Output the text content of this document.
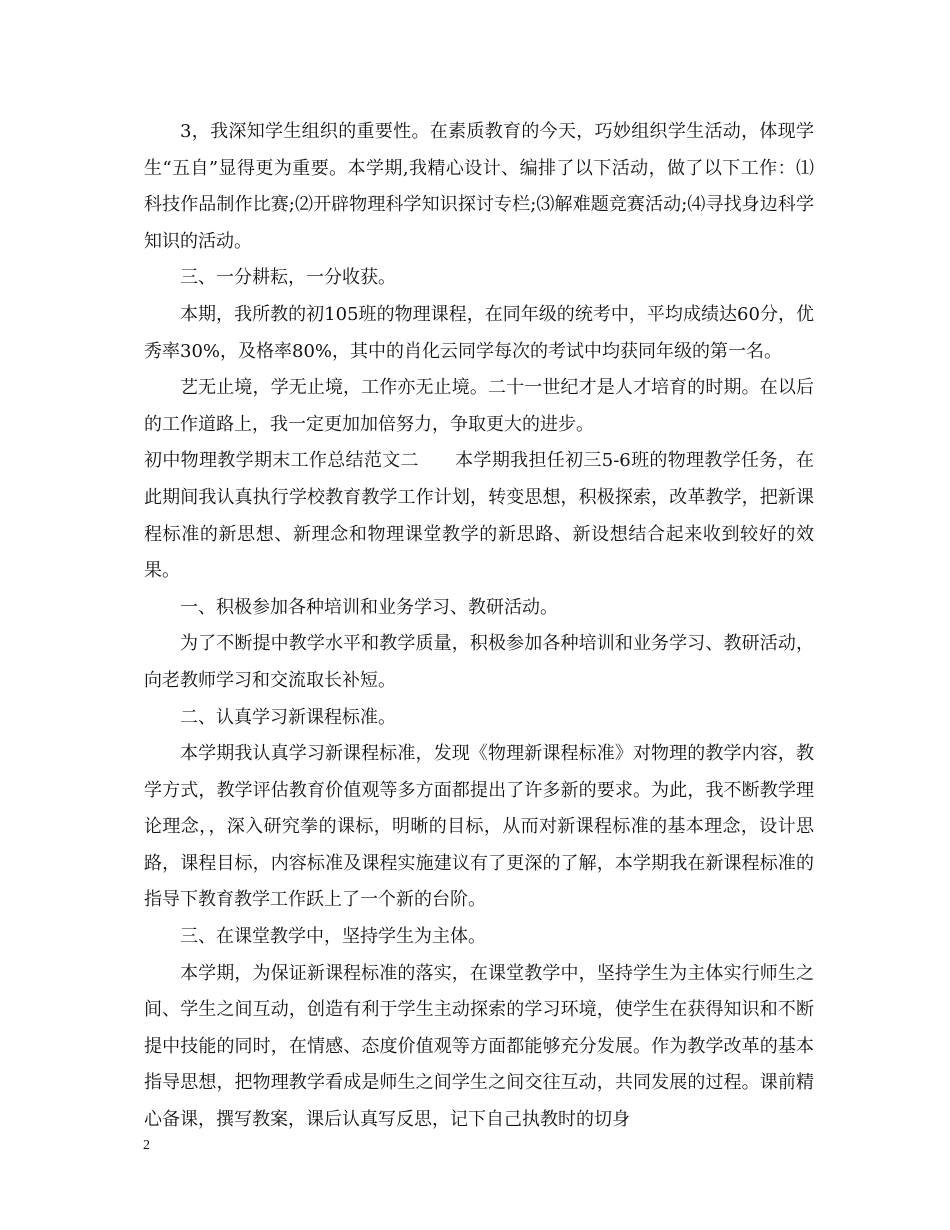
3，我深知学生组织的重要性。在素质教育的今天，巧妙组织学生活动，体现学生“五自”显得更为重要。本学期,我精心设计、编排了以下活动，做了以下工作：⑴科技作品制作比赛;⑵开辟物理科学知识探讨专栏;⑶解难题竞赛活动;⑷寻找身边科学知识的活动。

三、一分耕耘，一分收获。

本期，我所教的初105班的物理课程，在同年级的统考中，平均成绩达60分，优秀率30%，及格率80%，其中的肖化云同学每次的考试中均获同年级的第一名。

艺无止境，学无止境，工作亦无止境。二十一世纪才是人才培育的时期。在以后的工作道路上，我一定更加加倍努力，争取更大的进步。

初中物理教学期末工作总结范文二 本学期我担任初三5-6班的物理教学任务，在此期间我认真执行学校教育教学工作计划，转变思想，积极探索，改革教学，把新课程标准的新思想、新理念和物理课堂教学的新思路、新设想结合起来收到较好的效果。

一、积极参加各种培训和业务学习、教研活动。

为了不断提中教学水平和教学质量，积极参加各种培训和业务学习、教研活动，向老教师学习和交流取长补短。

二、认真学习新课程标准。

本学期我认真学习新课程标准，发现《物理新课程标准》对物理的教学内容，教学方式，教学评估教育价值观等多方面都提出了许多新的要求。为此，我不断教学理论理念，，深入研究拳的课标，明晰的目标，从而对新课程标准的基本理念，设计思路，课程目标，内容标准及课程实施建议有了更深的了解，本学期我在新课程标准的指导下教育教学工作跃上了一个新的台阶。

三、在课堂教学中，坚持学生为主体。

本学期，为保证新课程标准的落实，在课堂教学中，坚持学生为主体实行师生之间、学生之间互动，创造有利于学生主动探索的学习环境，使学生在获得知识和不断提中技能的同时，在情感、态度价值观等方面都能够充分发展。作为教学改革的基本指导思想，把物理教学看成是师生之间学生之间交往互动，共同发展的过程。课前精心备课，撰写教案，课后认真写反思，记下自己执教时的切身

2
